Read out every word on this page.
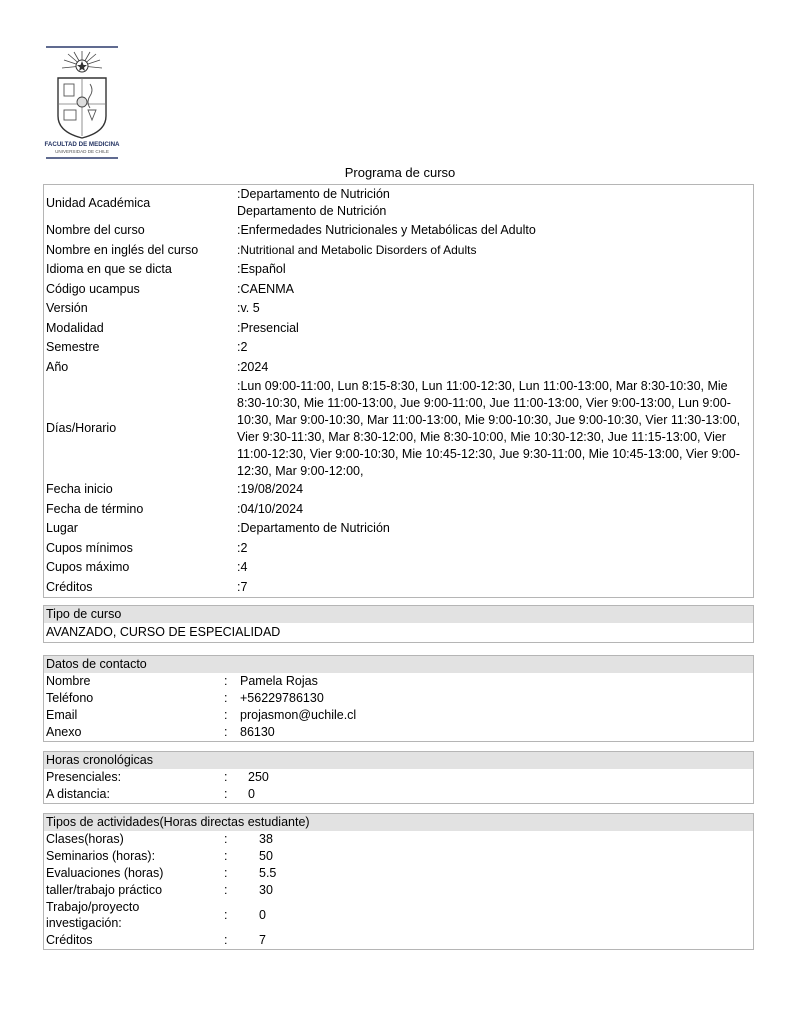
FACULTAD DE MEDICINA
UNIVERSIDAD DE CHILE
Programa de curso
Unidad Académica
:Departamento de Nutrición
Departamento de Nutrición
Nombre del curso	:Enfermedades Nutricionales y Metabólicas del Adulto
Nombre en inglés del curso	:Nutritional and Metabolic Disorders of Adults
Idioma en que se dicta	:Español
Código ucampus	:CAENMA
Versión	:v. 5
Modalidad	:Presencial
Semestre	:2
Año	:2024
Días/Horario
:Lun 09:00-11:00, Lun 8:15-8:30, Lun 11:00-12:30, Lun 11:00-13:00, Mar 8:30-10:30, Mie 8:30-10:30, Mie 11:00-13:00, Jue 9:00-11:00, Jue 11:00-13:00, Vier 9:00-13:00, Lun 9:00-10:30, Mar 9:00-10:30, Mar 11:00-13:00, Mie 9:00-10:30, Jue 9:00-10:30, Vier 11:30-13:00, Vier 9:30-11:30, Mar 8:30-12:00, Mie 8:30-10:00, Mie 10:30-12:30, Jue 11:15-13:00, Vier 11:00-12:30, Vier 9:00-10:30, Mie 10:45-12:30, Jue 9:30-11:00, Mie 10:45-13:00, Vier 9:00-12:30, Mar 9:00-12:00,
Fecha inicio	:19/08/2024
Fecha de término	:04/10/2024
Lugar	:Departamento de Nutrición
Cupos mínimos	:2
Cupos máximo	:4
Créditos	:7
Tipo de curso
AVANZADO, CURSO DE ESPECIALIDAD
Datos de contacto
Nombre	: Pamela Rojas
Teléfono	: +56229786130
Email	: projasmon@uchile.cl
Anexo	: 86130
Horas cronológicas
Presenciales:	: 250
A distancia:	: 0
Tipos de actividades(Horas directas estudiante)
Clases(horas)	:	38
Seminarios (horas):	:	50
Evaluaciones (horas)	:	5.5
taller/trabajo práctico	:	30
Trabajo/proyecto investigación:
:	0
Créditos	:	7
